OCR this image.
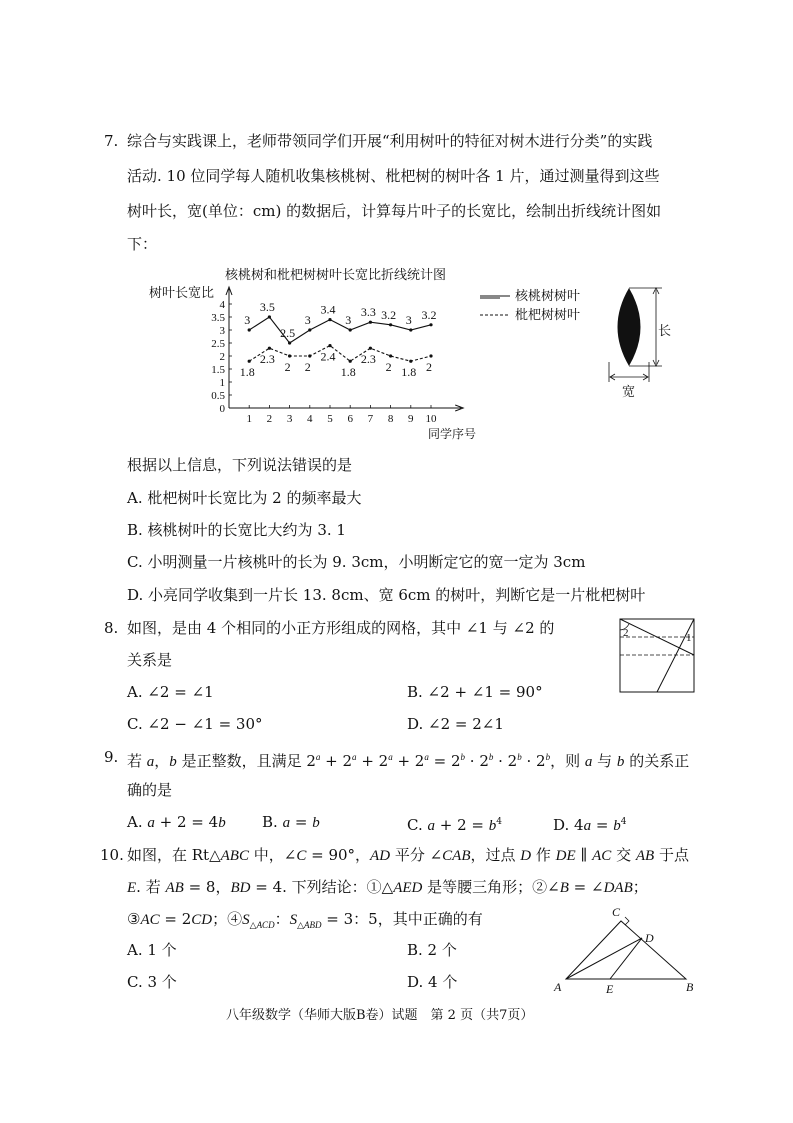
7. 综合与实践课上，老师带领同学们开展“利用树叶的特征对树木进行分类”的实践
活动. 10 位同学每人随机收集核桃树、枇杷树的树叶各 1 片，通过测量得到这些
树叶长，宽(单位：cm) 的数据后，计算每片叶子的长宽比，绘制出折线统计图如
下：
核桃树和枇杷树树叶长宽比折线统计图
树叶长宽比
同学序号
0
0.5
1
1.5
2
2.5
3
3.5
4
1 2 3 4 5 6 7 8 9 10
3
3.5
2.5
3
3.4
3
3.3 3.2 3 3.2
1.8
2.3
2 2
2.4
1.8
2.3
2 1.8 2
核桃树树叶
枇杷树树叶
长
宽
根据以上信息，下列说法错误的是
A. 枇杷树叶长宽比为 2 的频率最大
B. 核桃树叶的长宽比大约为 3. 1
C. 小明测量一片核桃叶的长为 9. 3cm，小明断定它的宽一定为 3cm
D. 小亮同学收集到一片长 13. 8cm、宽 6cm 的树叶，判断它是一片枇杷树叶
8. 如图，是由 4 个相同的小正方形组成的网格，其中 ∠1 与 ∠2 的
关系是
A. ∠2 = ∠1	B. ∠2 + ∠1 = 90°
C. ∠2 − ∠1 = 30°	D. ∠2 = 2∠1
2	1
9. 若 a，b 是正整数，且满足 $2^a + 2^a + 2^a + 2^a = 2^b \cdot 2^b \cdot 2^b \cdot 2^b$，则 a 与 b 的关系正
确的是
A. a + 2 = 4b B. a = b	C. $a + 2 = b^4$	D. $4a = b^4$
10. 如图，在 Rt△ABC 中，∠C = 90°，AD 平分 ∠CAB，过点 D 作 DE ∥ AC 交 AB 于点
E. 若 AB = 8，BD = 4. 下列结论：①△AED 是等腰三角形；②∠B = ∠DAB；
③AC = 2CD；$④S_{\triangle ACD}$：$S_{\triangle ABD} = 3$：5，其中正确的有
A. 1 个	B. 2 个
C. 3 个	D. 4 个
C
D
A	E	B
八年级数学（华师大版B卷）试题　第 2 页（共7页）
